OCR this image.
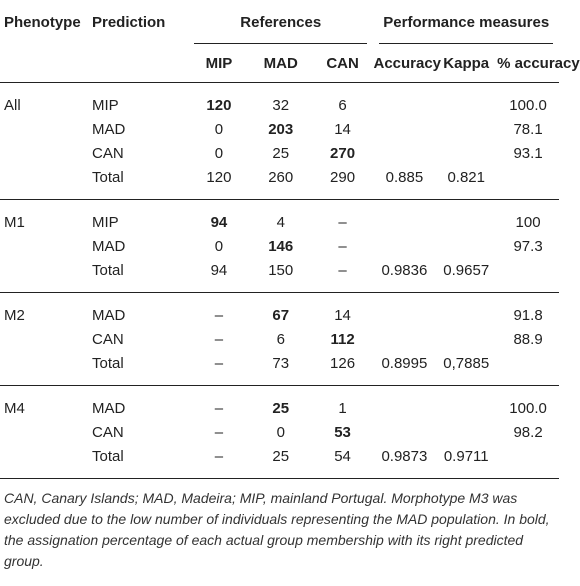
Phenotype	Prediction	References			Performance measures		
		MIP	MAD	CAN	Accuracy	Kappa	% accuracy
All	MIP	120	32	6			100.0
	MAD	0	203	14			78.1
	CAN	0	25	270			93.1
	Total	120	260	290	0.885	0.821	
M1	MIP	94	4	–			100
	MAD	0	146	–			97.3
	Total	94	150	–	0.9836	0.9657	
M2	MAD	–	67	14			91.8
	CAN	–	6	112			88.9
	Total	–	73	126	0.8995	0,7885	
M4	MAD	–	25	1			100.0
	CAN	–	0	53			98.2
	Total	–	25	54	0.9873	0.9711	
CAN, Canary Islands; MAD, Madeira; MIP, mainland Portugal. Morphotype M3 was excluded due to the low number of individuals representing the MAD population. In bold, the assignation percentage of each actual group membership with its right predicted group.
